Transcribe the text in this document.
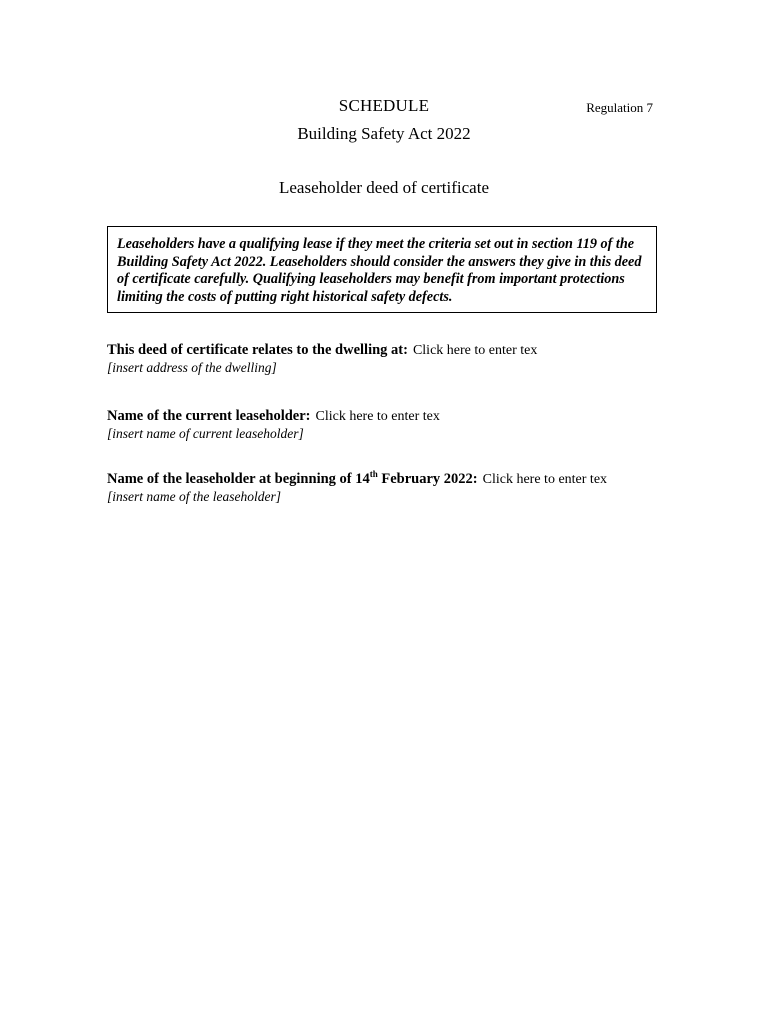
SCHEDULE	Regulation 7
Building Safety Act 2022
Leaseholder deed of certificate

Leaseholders have a qualifying lease if they meet the criteria set out in section 119 of the Building Safety Act 2022. Leaseholders should consider the answers they give in this deed of certificate carefully. Qualifying leaseholders may benefit from important protections limiting the costs of putting right historical safety defects.

This deed of certificate relates to the dwelling at: Click here to enter tex
[insert address of the dwelling]
Name of the current leaseholder: Click here to enter tex
[insert name of current leaseholder]
Name of the leaseholder at beginning of 14th February 2022: Click here to enter tex
[insert name of the leaseholder]
